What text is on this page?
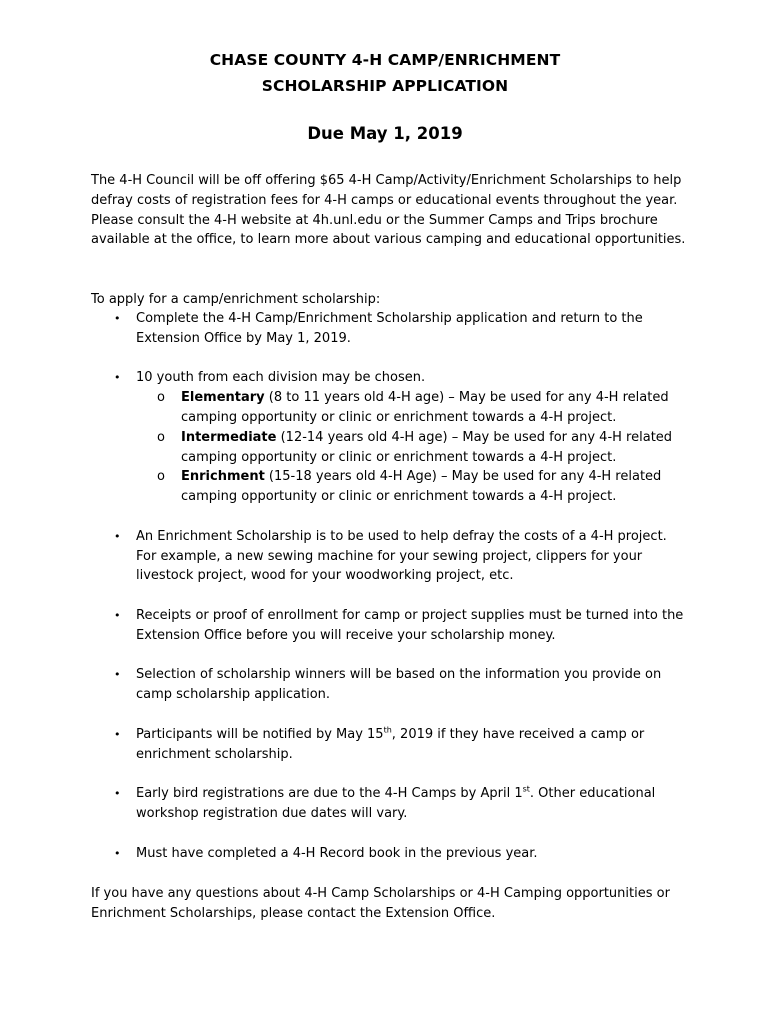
CHASE COUNTY 4-H CAMP/ENRICHMENT
SCHOLARSHIP APPLICATION
Due May 1, 2019

The 4-H Council will be off offering $65 4-H Camp/Activity/Enrichment Scholarships to help defray costs of registration fees for 4-H camps or educational events throughout the year. Please consult the 4-H website at 4h.unl.edu or the Summer Camps and Trips brochure available at the office, to learn more about various camping and educational opportunities.

To apply for a camp/enrichment scholarship:

• Complete the 4-H Camp/Enrichment Scholarship application and return to the Extension Office by May 1, 2019.
• 10 youth from each division may be chosen.
o Elementary (8 to 11 years old 4-H age) – May be used for any 4-H related camping opportunity or clinic or enrichment towards a 4-H project.
o Intermediate (12-14 years old 4-H age) – May be used for any 4-H related camping opportunity or clinic or enrichment towards a 4-H project.
o Enrichment (15-18 years old 4-H Age) – May be used for any 4-H related camping opportunity or clinic or enrichment towards a 4-H project.
• An Enrichment Scholarship is to be used to help defray the costs of a 4-H project. For example, a new sewing machine for your sewing project, clippers for your livestock project, wood for your woodworking project, etc.
• Receipts or proof of enrollment for camp or project supplies must be turned into the Extension Office before you will receive your scholarship money.
• Selection of scholarship winners will be based on the information you provide on camp scholarship application.
• Participants will be notified by May 15th, 2019 if they have received a camp or enrichment scholarship.
• Early bird registrations are due to the 4-H Camps by April 1st. Other educational workshop registration due dates will vary.
• Must have completed a 4-H Record book in the previous year.

If you have any questions about 4-H Camp Scholarships or 4-H Camping opportunities or Enrichment Scholarships, please contact the Extension Office.
